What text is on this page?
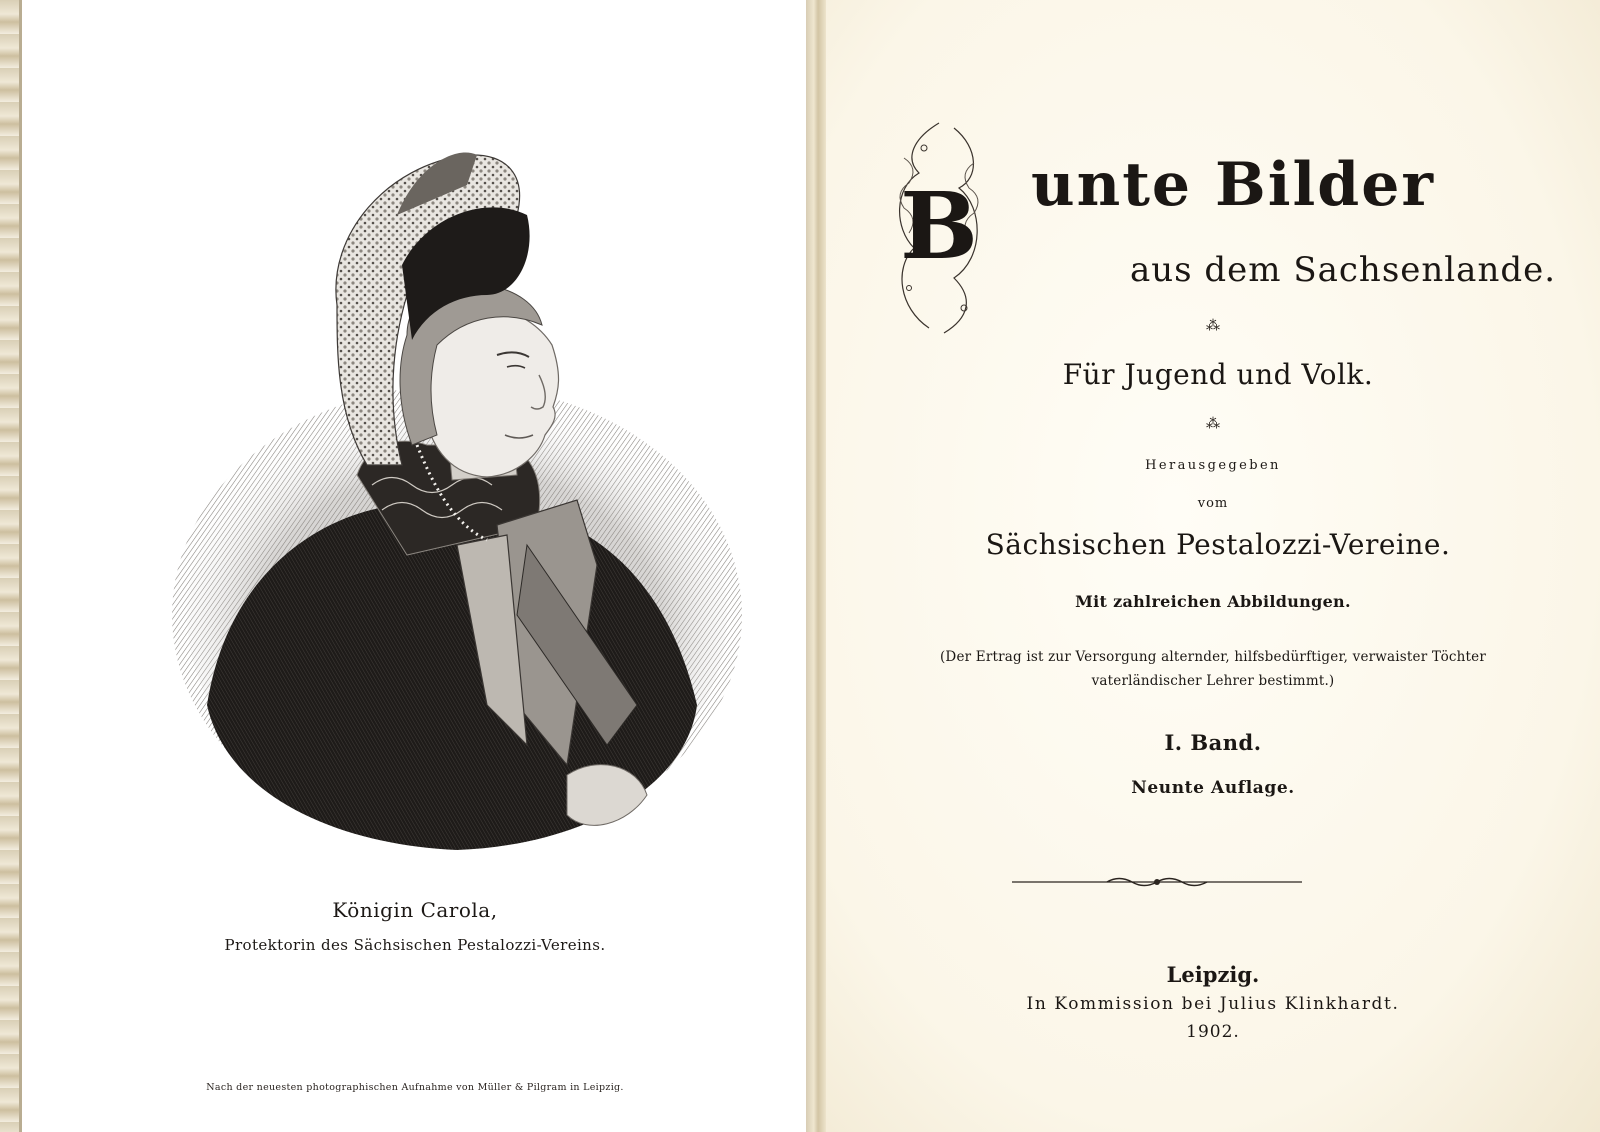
Königin Carola,
Protektorin des Sächsischen Pestalozzi-Vereins.
Nach der neuesten photographischen Aufnahme von Müller & Pilgram in Leipzig.
B unte Bilder
aus dem Sachsenlande.
⁂
Für Jugend und Volk.
⁂
Herausgegeben
vom
Sächsischen Pestalozzi-Vereine.
Mit zahlreichen Abbildungen.
(Der Ertrag ist zur Versorgung alternder, hilfsbedürftiger, verwaister Töchter
vaterländischer Lehrer bestimmt.)
I. Band.
Neunte Auflage.
Leipzig.
In Kommission bei Julius Klinkhardt.
1902.
